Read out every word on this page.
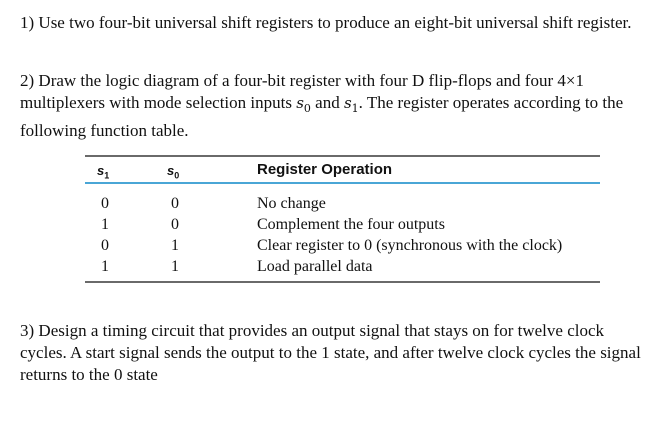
1) Use two four-bit universal shift registers to produce an eight-bit universal shift register.
2) Draw the logic diagram of a four-bit register with four D flip-flops and four 4×1 multiplexers with mode selection inputs $s_0$ and $s_1$. The register operates according to the following function table.
$s_1$	$s_0$	Register Operation
0	0	No change
1	0	Complement the four outputs
0	1	Clear register to 0 (synchronous with the clock)
1	1	Load parallel data
3) Design a timing circuit that provides an output signal that stays on for twelve clock cycles. A start signal sends the output to the 1 state, and after twelve clock cycles the signal returns to the 0 state
